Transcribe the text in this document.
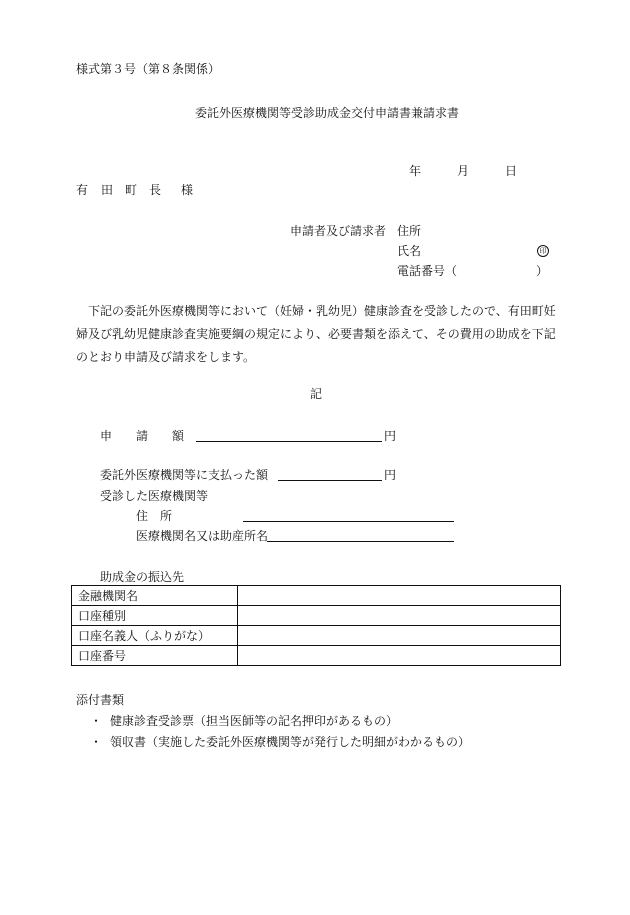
様式第３号（第８条関係）
委託外医療機関等受診助成金交付申請書兼請求書
年	月	日
有 田 町 長 様
申請者及び請求者 住所
氏名	印
電話番号（	）
下記の委託外医療機関等において（妊婦・乳幼児）健康診査を受診したので、有田町妊婦及び乳幼児健康診査実施要綱の規定により、必要書類を添えて、その費用の助成を下記のとおり申請及び請求をします。
記
申 請 額	円
委託外医療機関等に支払った額	円
受診した医療機関等
住 所
医療機関名又は助産所名
助成金の振込先
金融機関名	
口座種別	
口座名義人（ふりがな）	
口座番号	
添付書類
・ 健康診査受診票（担当医師等の記名押印があるもの）
・ 領収書（実施した委託外医療機関等が発行した明細がわかるもの）
